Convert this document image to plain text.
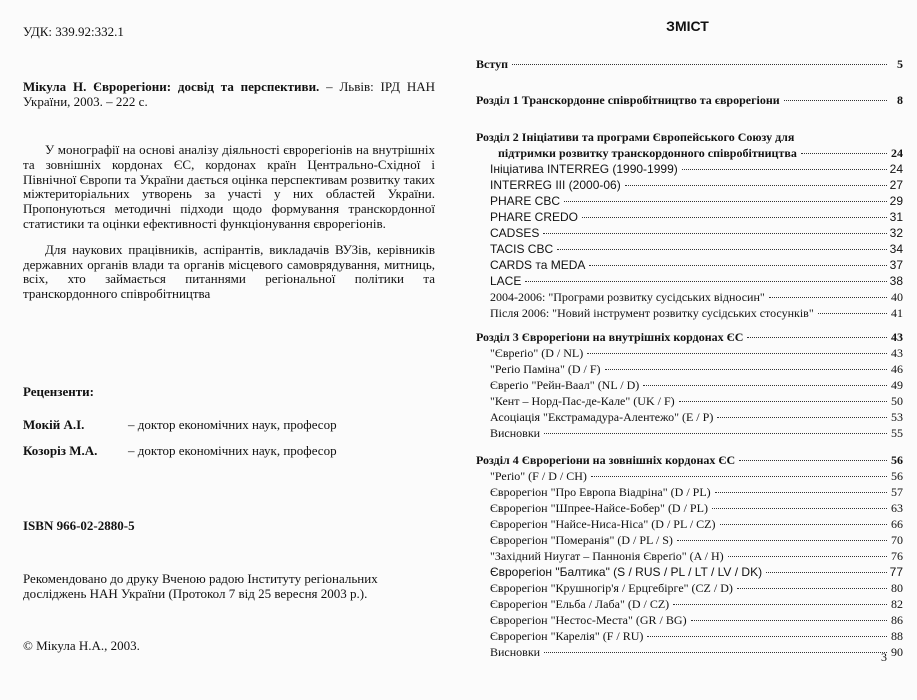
УДК: 339.92:332.1
Мікула Н. Єврорегіони: досвід та перспективи. – Львів: ІРД НАН України, 2003. – 222 с.

У монографії на основі аналізу діяльності єврорегіонів на внутрішніх та зовнішніх кордонах ЄС, кордонах країн Центрально-Східної і Північної Європи та України дається оцінка перспективам розвитку таких міжтериторіальних утворень за участі у них областей України. Пропонуються методичні підходи щодо формування транскордонної статистики та оцінки ефективності функціонування єврорегіонів.

Для наукових працівників, аспірантів, викладачів ВУЗів, керівників державних органів влади та органів місцевого самоврядування, митниць, всіх, хто займається питаннями регіональної політики та транскордонного співробітництва

Рецензенти:
Мокій А.І.	– доктор економічних наук, професор
Козоріз М.А. – доктор економічних наук, професор
ISBN 966-02-2880-5
Рекомендовано до друку Вченою радою Інституту регіональних досліджень НАН України (Протокол 7 від 25 вересня 2003 р.).
© Мікула Н.А., 2003.
ЗМІСТ
Вступ	5
Розділ 1 Транскордонне співробітництво та єврорегіони	8
Розділ 2 Ініціативи та програми Європейського Союзу для
підтримки розвитку транскордонного співробітництва	24
Ініціатива INTERREG (1990-1999)	24
INTERREG III (2000-06)	27
PHARE CBC	29
PHARE CREDO	31
CADSES	32
TACIS CBC	34
CARDS та MEDA	37
LACE	38
2004-2006: "Програми розвитку сусідських відносин"	40
Після 2006: "Новий інструмент розвитку сусідських стосунків"	41
Розділ 3 Єврорегіони на внутрішніх кордонах ЄС	43
"Євреґіо" (D / NL)	43
"Реґіо Паміна" (D / F)	46
Євреґіо "Рейн-Ваал" (NL / D)	49
"Кент – Норд-Пас-де-Кале" (UK / F)	50
Асоціація "Екстрамадура-Алентежо" (E / P)	53
Висновки	55
Розділ 4 Єврорегіони на зовнішніх кордонах ЄС	56
"Реґіо" (F / D / CH)	56
Єврорегіон "Про Европа Віадріна" (D / PL)	57
Єврорегіон "Шпрее-Найсе-Бобер" (D / PL)	63
Єврорегіон "Найсе-Ниса-Ніса" (D / PL / CZ)	66
Єврорегіон "Померанія" (D / PL / S)	70
"Західний Ниугат – Паннонія Євреґіо" (A / H)	76
Єврорегіон "Балтика" (S / RUS / PL / LT / LV / DK)	77
Єврорегіон "Крушногір'я / Ерцгебірге" (CZ / D)	80
Єврорегіон "Ельба / Лаба" (D / CZ)	82
Єврорегіон "Нестос-Места" (GR / BG)	86
Єврорегіон "Карелія" (F / RU)	88
Висновки	90
3
